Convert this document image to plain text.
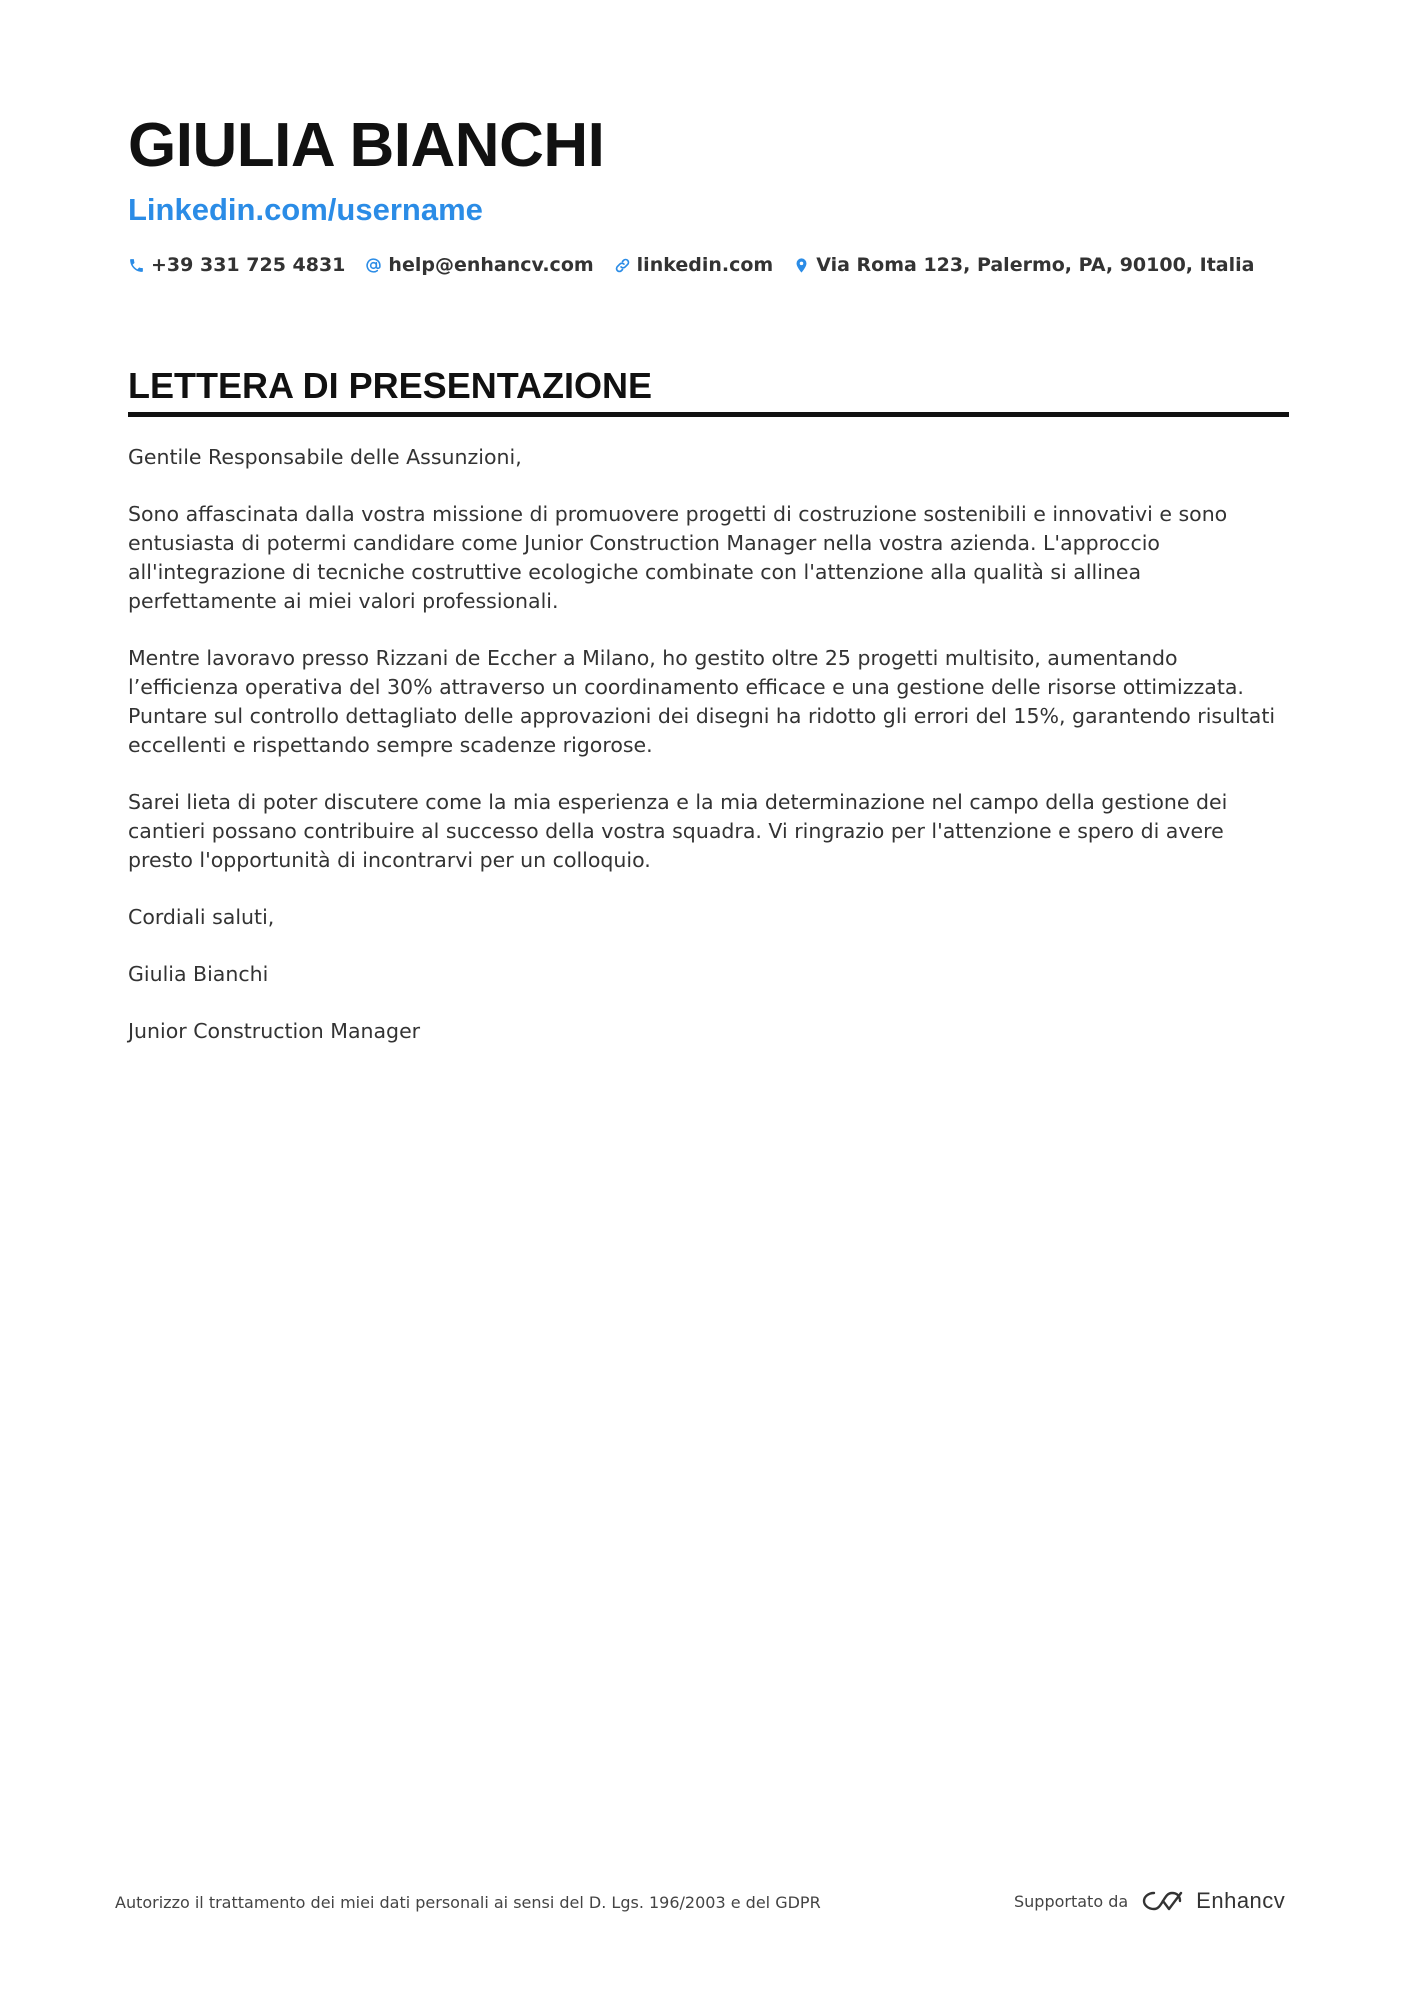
GIULIA BIANCHI
Linkedin.com/username
+39 331 725 4831 help@enhancv.com linkedin.com Via Roma 123, Palermo, PA, 90100, Italia
LETTERA DI PRESENTAZIONE

Gentile Responsabile delle Assunzioni,

Sono affascinata dalla vostra missione di promuovere progetti di costruzione sostenibili e innovativi e sono entusiasta di potermi candidare come Junior Construction Manager nella vostra azienda. L'approccio all'integrazione di tecniche costruttive ecologiche combinate con l'attenzione alla qualità si allinea perfettamente ai miei valori professionali.

Mentre lavoravo presso Rizzani de Eccher a Milano, ho gestito oltre 25 progetti multisito, aumentando l’efficienza operativa del 30% attraverso un coordinamento efficace e una gestione delle risorse ottimizzata. Puntare sul controllo dettagliato delle approvazioni dei disegni ha ridotto gli errori del 15%, garantendo risultati eccellenti e rispettando sempre scadenze rigorose.

Sarei lieta di poter discutere come la mia esperienza e la mia determinazione nel campo della gestione dei cantieri possano contribuire al successo della vostra squadra. Vi ringrazio per l'attenzione e spero di avere presto l'opportunità di incontrarvi per un colloquio.

Cordiali saluti,

Giulia Bianchi

Junior Construction Manager

Autorizzo il trattamento dei miei dati personali ai sensi del D. Lgs. 196/2003 e del GDPR	Supportato da	Enhancv
